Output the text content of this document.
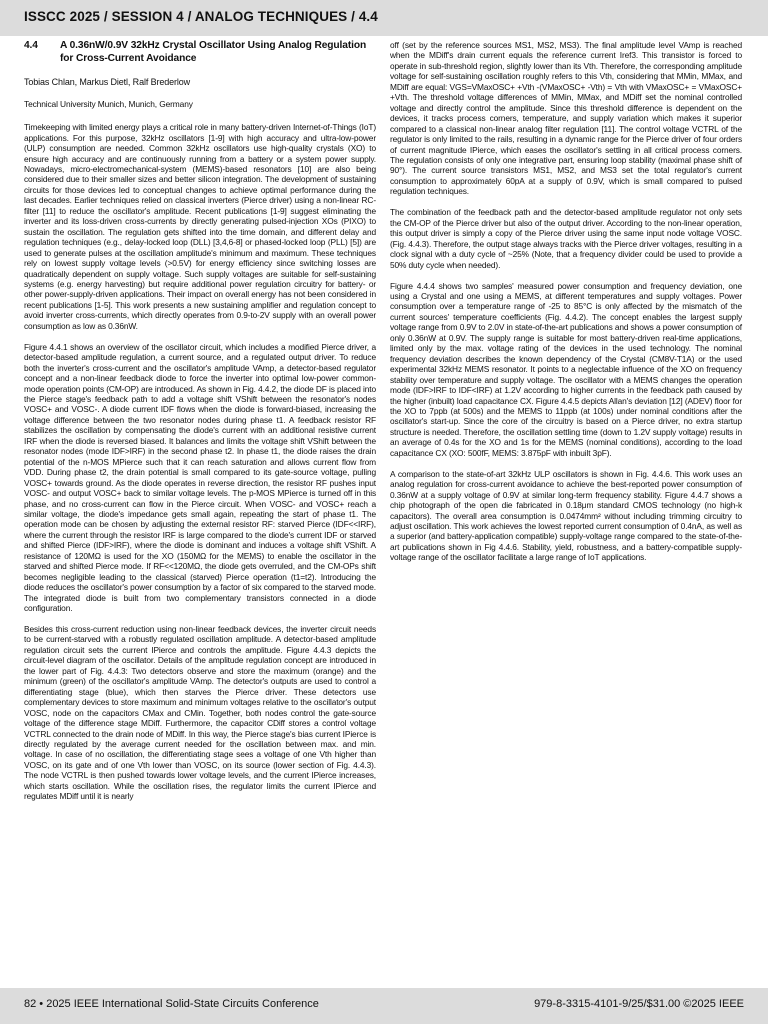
ISSCC 2025 / SESSION 4 / ANALOG TECHNIQUES / 4.4
4.4	A 0.36nW/0.9V 32kHz Crystal Oscillator Using Analog Regulation for Cross-Current Avoidance
Tobias Chlan, Markus Dietl, Ralf Brederlow
Technical University Munich, Munich, Germany

Timekeeping with limited energy plays a critical role in many battery-driven Internet-of-Things (IoT) applications. For this purpose, 32kHz oscillators [1-9] with high accuracy and ultra-low-power (ULP) consumption are needed. Common 32kHz oscillators use high-quality crystals (XO) to ensure high accuracy and are continuously running from a battery or a system power supply. Nowadays, micro-electromechanical-system (MEMS)-based resonators [10] are also being considered due to their smaller sizes and better silicon integration. The development of sustaining circuits for those devices led to conceptual changes to achieve optimal performance during the last decades. Earlier techniques relied on classical inverters (Pierce driver) using a non-linear RC-filter [11] to reduce the oscillator's amplitude. Recent publications [1-9] suggest eliminating the inverter and its loss-driven cross-currents by directly generating pulsed-injection XOs (PIXO) to sustain the oscillation. The regulation gets shifted into the time domain, and different delay and regulation techniques (e.g., delay-locked loop (DLL) [3,4,6-8] or phased-locked loop (PLL) [5]) are used to generate pulses at the oscillation amplitude's minimum and maximum. These techniques rely on lowest supply voltage levels (>0.5V) for energy efficiency since switching losses are quadratically dependent on supply voltage. Such supply voltages are suitable for self-sustaining systems (e.g. energy harvesting) but require additional power regulation circuitry for battery- or other power-supply-driven applications. Their impact on overall energy has not been considered in recent publications [1-5]. This work presents a new sustaining amplifier and regulation concept to avoid inverter cross-currents, which directly operates from 0.9-to-2V supply with an overall power consumption as low as 0.36nW.

Figure 4.4.1 shows an overview of the oscillator circuit, which includes a modified Pierce driver, a detector-based amplitude regulation, a current source, and a regulated output driver. To reduce both the inverter's cross-current and the oscillator's amplitude VAmp, a detector-based regulator concept and a non-linear feedback diode to force the inverter into optimal low-power common-mode operation points (CM-OP) are introduced. As shown in Fig. 4.4.2, the diode DF is placed into the Pierce stage's feedback path to add a voltage shift VShift between the resonator's nodes VOSC+ and VOSC-. A diode current IDF flows when the diode is forward-biased, increasing the voltage difference between the two resonator nodes during phase t1. A feedback resistor RF stabilizes the oscillation by compensating the diode's current with an additional resistive current IRF when the diode is reversed biased. It balances and limits the voltage shift VShift between the resonator nodes (mode IDF>IRF) in the second phase t2. In phase t1, the diode raises the drain potential of the n-MOS MPierce such that it can reach saturation and allows current flow from VDD. During phase t2, the drain potential is small compared to its gate-source voltage, pulling VOSC+ towards ground. As the diode operates in reverse direction, the resistor RF pushes input VOSC- and output VOSC+ back to similar voltage levels. The p-MOS MPierce is turned off in this phase, and no cross-current can flow in the Pierce circuit. When VOSC- and VOSC+ reach a similar voltage, the diode's impedance gets small again, repeating the start of phase t1. The operation mode can be chosen by adjusting the external resistor RF: starved Pierce (IDF<<IRF), where the current through the resistor IRF is large compared to the diode's current IDF or starved and shifted Pierce (IDF>IRF), where the diode is dominant and induces a voltage shift VShift. A resistance of 120MΩ is used for the XO (150MΩ for the MEMS) to enable the oscillator in the starved and shifted Pierce mode. If RF<<120MΩ, the diode gets overruled, and the CM-OPs shift becomes negligible leading to the classical (starved) Pierce operation (t1=t2). Introducing the diode reduces the oscillator's power consumption by a factor of six compared to the starved mode. The integrated diode is built from two complementary transistors connected in a diode configuration.

Besides this cross-current reduction using non-linear feedback devices, the inverter circuit needs to be current-starved with a robustly regulated oscillation amplitude. A detector-based amplitude regulation circuit sets the current IPierce and controls the amplitude. Figure 4.4.3 depicts the circuit-level diagram of the oscillator. Details of the amplitude regulation concept are introduced in the lower part of Fig. 4.4.3: Two detectors observe and store the maximum (orange) and the minimum (green) of the oscillator's amplitude VAmp. The detector's outputs are used to control a differentiating stage (blue), which then starves the Pierce driver. These detectors use complementary devices to store maximum and minimum voltages relative to the oscillator's output VOSC, node on the capacitors CMax and CMin. Together, both nodes control the gate-source voltage of the difference stage MDiff. Furthermore, the capacitor CDiff stores a control voltage VCTRL connected to the drain node of MDiff. In this way, the Pierce stage's bias current IPierce is directly regulated by the average current needed for the oscillation between max. and min. voltage. In case of no oscillation, the differentiating stage sees a voltage of one Vth higher than VOSC, on its gate and of one Vth lower than VOSC, on its source (lower section of Fig. 4.4.3). The node VCTRL is then pushed towards lower voltage levels, and the current IPierce increases, which starts oscillation. While the oscillation rises, the regulator limits the current IPierce and regulates MDiff until it is nearly

off (set by the reference sources MS1, MS2, MS3). The final amplitude level VAmp is reached when the MDiff's drain current equals the reference current Iref3. This transistor is forced to operate in sub-threshold region, slightly lower than its Vth. Therefore, the corresponding amplitude voltage for self-sustaining oscillation roughly refers to this Vth, considering that MMin, MMax, and MDiff are equal: VGS=VMaxOSC+ +Vth -(VMaxOSC+ -Vth) = Vth with VMaxOSC+ = VMaxOSC+ +Vth. The threshold voltage differences of MMin, MMax, and MDiff set the nominal controlled voltage and directly control the amplitude. Since this threshold difference is dependent on the devices, it tracks process corners, temperature, and supply variation which makes it superior compared to a classical non-linear analog filter regulation [11]. The control voltage VCTRL of the regulator is only limited to the rails, resulting in a dynamic range for the Pierce driver of four orders of current magnitude IPierce, which eases the oscillator's settling in all critical process corners. The regulation consists of only one integrative part, ensuring loop stability (maximal phase shift of 90°). The current source transistors MS1, MS2, and MS3 set the total regulator's current consumption to approximately 60pA at a supply of 0.9V, which is small compared to pulsed regulation techniques.

The combination of the feedback path and the detector-based amplitude regulator not only sets the CM-OP of the Pierce driver but also of the output driver. According to the non-linear operation, this output driver is simply a copy of the Pierce driver using the same input node voltage VOSC. (Fig. 4.4.3). Therefore, the output stage always tracks with the Pierce driver voltages, resulting in a clock signal with a duty cycle of ~25% (Note, that a frequency divider could be used to provide a 50% duty cycle when needed).

Figure 4.4.4 shows two samples' measured power consumption and frequency deviation, one using a Crystal and one using a MEMS, at different temperatures and supply voltages. Power consumption over a temperature range of -25 to 85°C is only affected by the mismatch of the current sources' temperature coefficients (Fig. 4.4.2). The concept enables the largest supply voltage range from 0.9V to 2.0V in state-of-the-art publications and shows a power consumption of only 0.36nW at 0.9V. The supply range is suitable for most battery-driven real-time applications, limited only by the max. voltage rating of the devices in the used technology. The nominal frequency deviation describes the known dependency of the Crystal (CM8V-T1A) or the used experimental 32kHz MEMS resonator. It points to a neglectable influence of the XO on frequency stability over temperature and supply voltage. The oscillator with a MEMS changes the operation mode (IDF>IRF to IDF<IRF) at 1.2V according to higher currents in the feedback path caused by the higher (inbuilt) load capacitance CX. Figure 4.4.5 depicts Allan's deviation [12] (ADEV) floor for the XO to 7ppb (at 500s) and the MEMS to 11ppb (at 100s) under nominal conditions after the oscillator's start-up. Since the core of the circuitry is based on a Pierce driver, no extra startup structure is needed. Therefore, the oscillation settling time (down to 1.2V supply voltage) results in an average of 0.4s for the XO and 1s for the MEMS (nominal conditions), according to the load capacitance CX (XO: 500fF, MEMS: 3.875pF with inbuilt 3pF).

A comparison to the state-of-art 32kHz ULP oscillators is shown in Fig. 4.4.6. This work uses an analog regulation for cross-current avoidance to achieve the best-reported power consumption of 0.36nW at a supply voltage of 0.9V at similar long-term frequency stability. Figure 4.4.7 shows a chip photograph of the open die fabricated in 0.18μm standard CMOS technology (no high-k capacitors). The overall area consumption is 0.0474mm² without including trimming circuitry to adjust oscillation. This work achieves the lowest reported current consumption of 0.4nA, as well as a superior (and battery-application compatible) supply-voltage range compared to the state-of-the-art publications shown in Fig 4.4.6. Stability, yield, robustness, and a battery-compatible supply-voltage range of the oscillator facilitate a large range of IoT applications.

82 • 2025 IEEE International Solid-State Circuits Conference	979-8-3315-4101-9/25/$31.00 ©2025 IEEE
